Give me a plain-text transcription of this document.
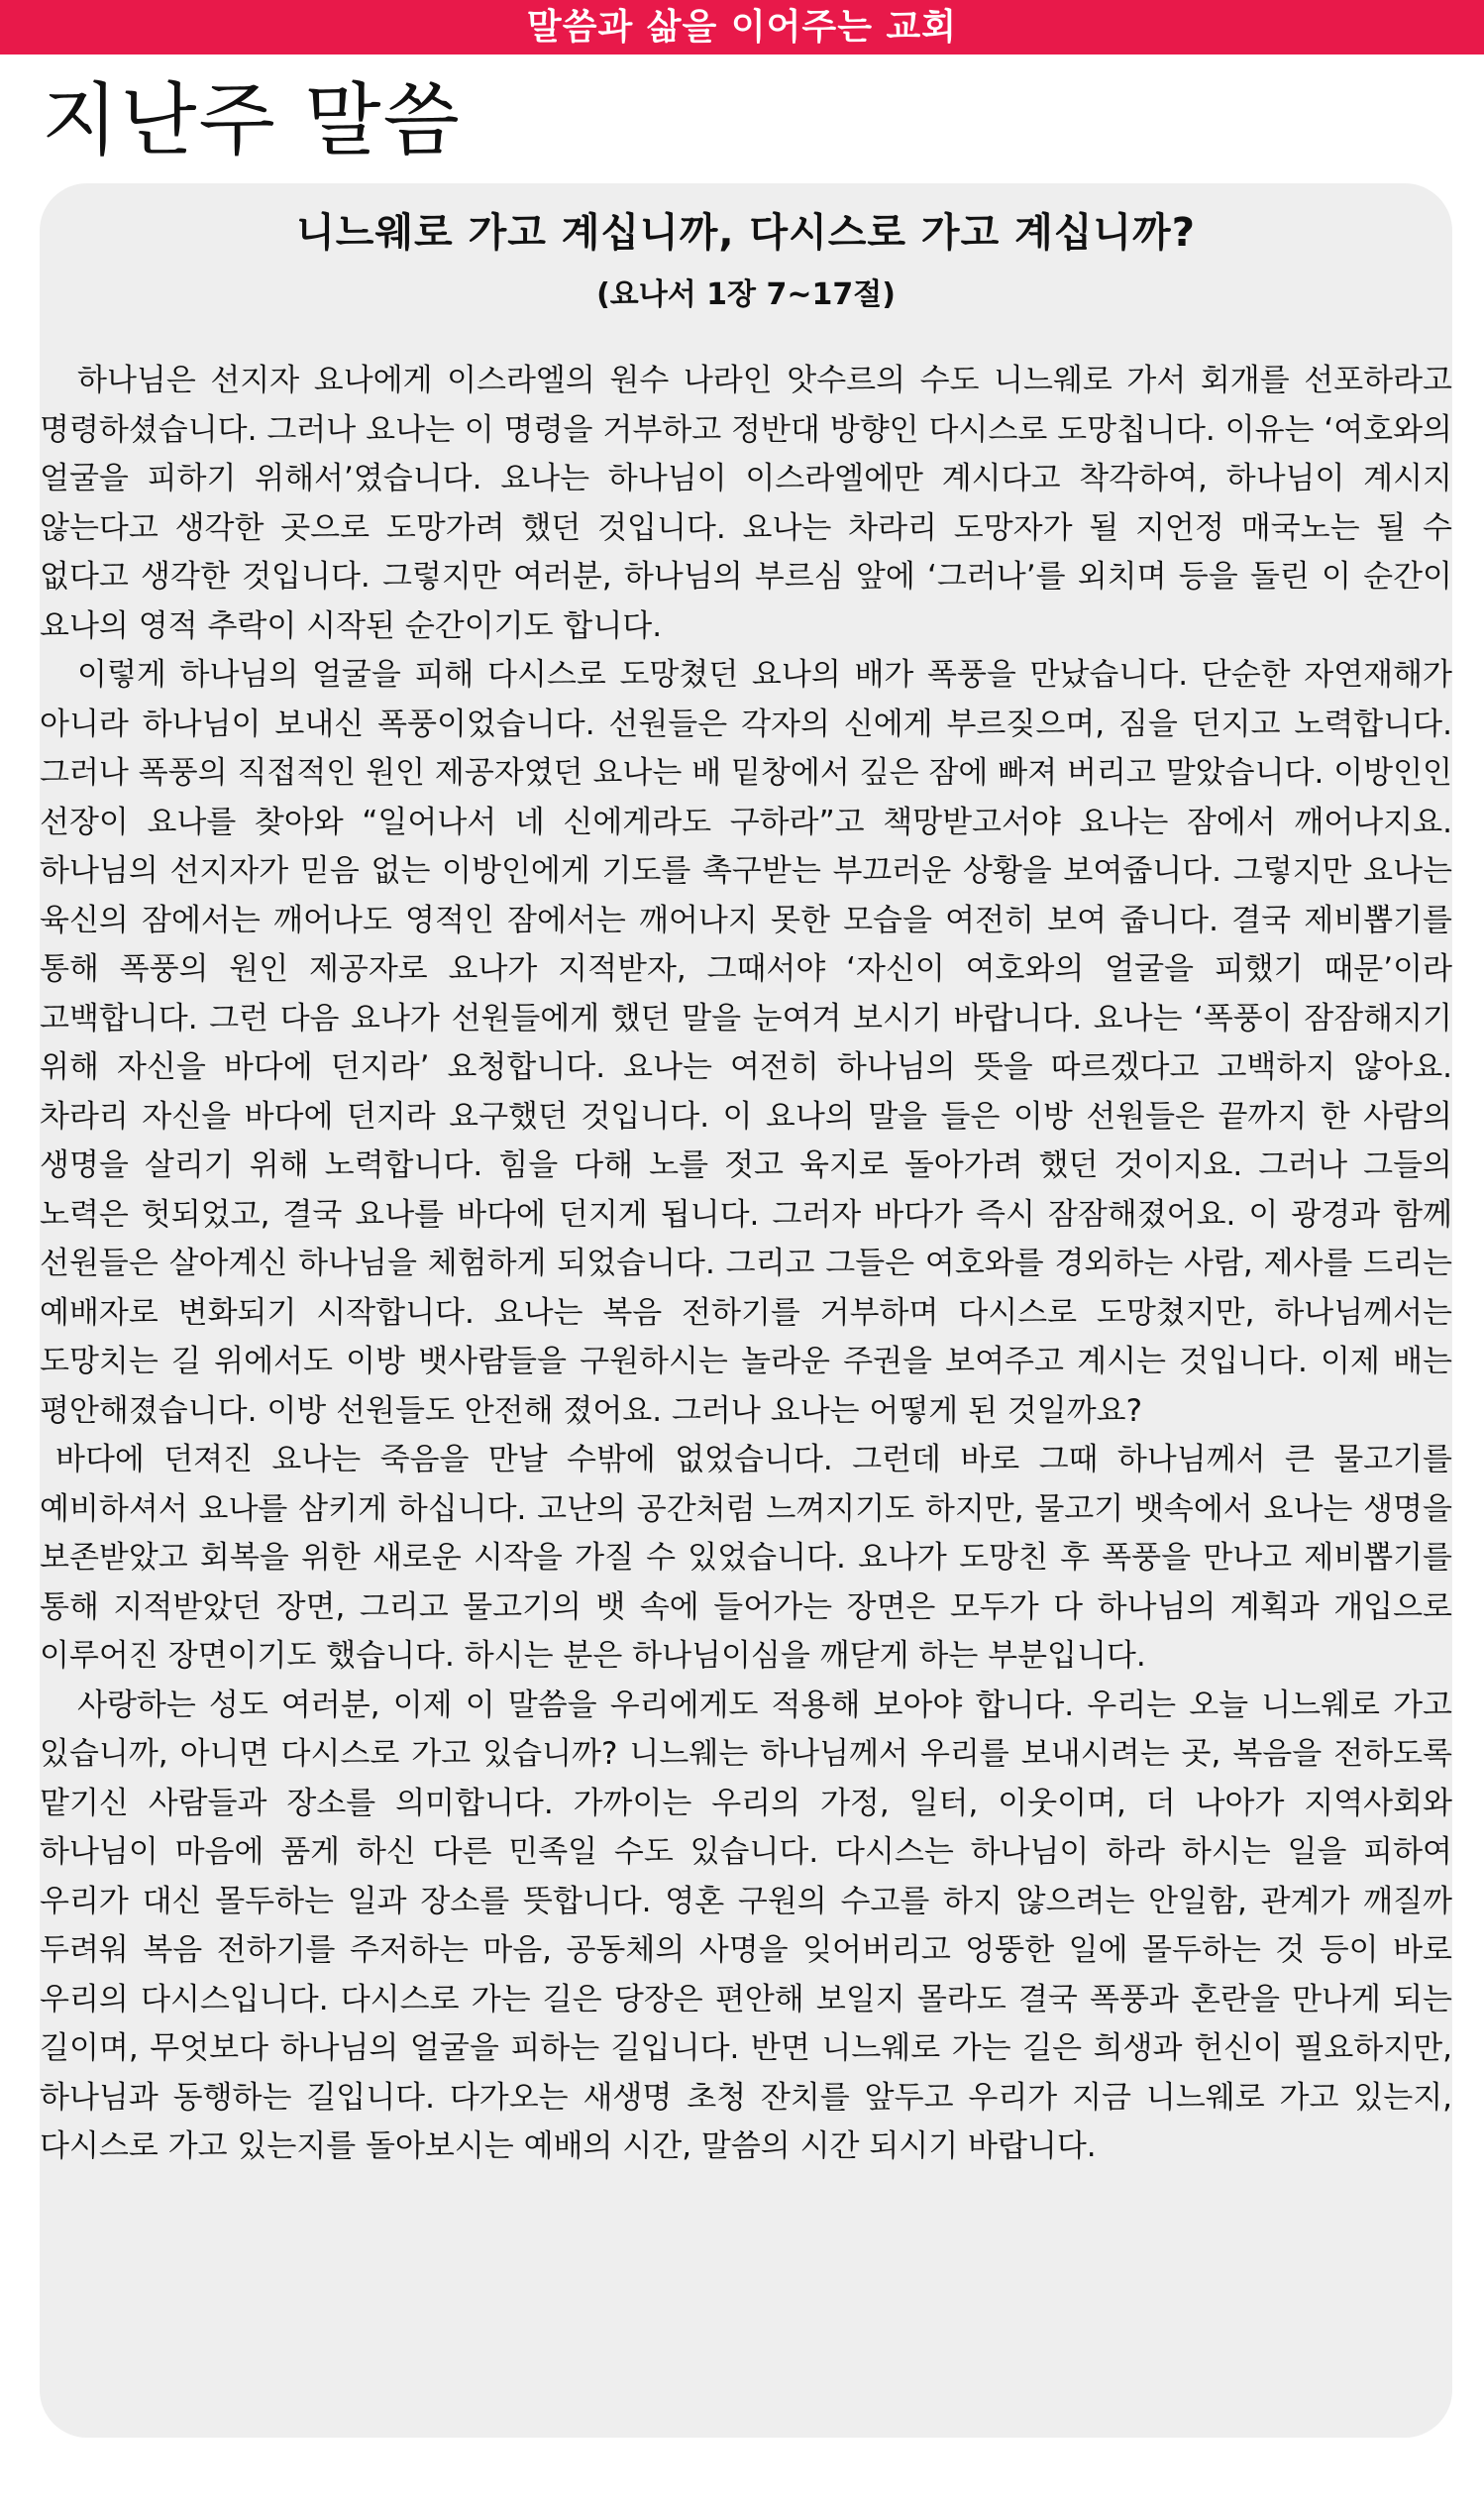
말씀과 삶을 이어주는 교회
지난주 말씀
니느웨로 가고 계십니까, 다시스로 가고 계십니까?
(요나서 1장 7~17절)

하나님은 선지자 요나에게 이스라엘의 원수 나라인 앗수르의 수도 니느웨로 가서 회개를 선포하라고 명령하셨습니다. 그러나 요나는 이 명령을 거부하고 정반대 방향인 다시스로 도망칩니다. 이유는 ‘여호와의 얼굴을 피하기 위해서’였습니다. 요나는 하나님이 이스라엘에만 계시다고 착각하여, 하나님이 계시지 않는다고 생각한 곳으로 도망가려 했던 것입니다. 요나는 차라리 도망자가 될 지언정 매국노는 될 수 없다고 생각한 것입니다. 그렇지만 여러분, 하나님의 부르심 앞에 ‘그러나’를 외치며 등을 돌린 이 순간이 요나의 영적 추락이 시작된 순간이기도 합니다.

이렇게 하나님의 얼굴을 피해 다시스로 도망쳤던 요나의 배가 폭풍을 만났습니다. 단순한 자연재해가 아니라 하나님이 보내신 폭풍이었습니다. 선원들은 각자의 신에게 부르짖으며, 짐을 던지고 노력합니다. 그러나 폭풍의 직접적인 원인 제공자였던 요나는 배 밑창에서 깊은 잠에 빠져 버리고 말았습니다. 이방인인 선장이 요나를 찾아와 “일어나서 네 신에게라도 구하라”고 책망받고서야 요나는 잠에서 깨어나지요. 하나님의 선지자가 믿음 없는 이방인에게 기도를 촉구받는 부끄러운 상황을 보여줍니다. 그렇지만 요나는 육신의 잠에서는 깨어나도 영적인 잠에서는 깨어나지 못한 모습을 여전히 보여 줍니다. 결국 제비뽑기를 통해 폭풍의 원인 제공자로 요나가 지적받자, 그때서야 ‘자신이 여호와의 얼굴을 피했기 때문’이라 고백합니다. 그런 다음 요나가 선원들에게 했던 말을 눈여겨 보시기 바랍니다. 요나는 ‘폭풍이 잠잠해지기 위해 자신을 바다에 던지라’ 요청합니다. 요나는 여전히 하나님의 뜻을 따르겠다고 고백하지 않아요. 차라리 자신을 바다에 던지라 요구했던 것입니다. 이 요나의 말을 들은 이방 선원들은 끝까지 한 사람의 생명을 살리기 위해 노력합니다. 힘을 다해 노를 젓고 육지로 돌아가려 했던 것이지요. 그러나 그들의 노력은 헛되었고, 결국 요나를 바다에 던지게 됩니다. 그러자 바다가 즉시 잠잠해졌어요. 이 광경과 함께 선원들은 살아계신 하나님을 체험하게 되었습니다. 그리고 그들은 여호와를 경외하는 사람, 제사를 드리는 예배자로 변화되기 시작합니다. 요나는 복음 전하기를 거부하며 다시스로 도망쳤지만, 하나님께서는 도망치는 길 위에서도 이방 뱃사람들을 구원하시는 놀라운 주권을 보여주고 계시는 것입니다. 이제 배는 평안해졌습니다. 이방 선원들도 안전해 졌어요. 그러나 요나는 어떻게 된 것일까요?

바다에 던져진 요나는 죽음을 만날 수밖에 없었습니다. 그런데 바로 그때 하나님께서 큰 물고기를 예비하셔서 요나를 삼키게 하십니다. 고난의 공간처럼 느껴지기도 하지만, 물고기 뱃속에서 요나는 생명을 보존받았고 회복을 위한 새로운 시작을 가질 수 있었습니다. 요나가 도망친 후 폭풍을 만나고 제비뽑기를 통해 지적받았던 장면, 그리고 물고기의 뱃 속에 들어가는 장면은 모두가 다 하나님의 계획과 개입으로 이루어진 장면이기도 했습니다. 하시는 분은 하나님이심을 깨닫게 하는 부분입니다.

사랑하는 성도 여러분, 이제 이 말씀을 우리에게도 적용해 보아야 합니다. 우리는 오늘 니느웨로 가고 있습니까, 아니면 다시스로 가고 있습니까? 니느웨는 하나님께서 우리를 보내시려는 곳, 복음을 전하도록 맡기신 사람들과 장소를 의미합니다. 가까이는 우리의 가정, 일터, 이웃이며, 더 나아가 지역사회와 하나님이 마음에 품게 하신 다른 민족일 수도 있습니다. 다시스는 하나님이 하라 하시는 일을 피하여 우리가 대신 몰두하는 일과 장소를 뜻합니다. 영혼 구원의 수고를 하지 않으려는 안일함, 관계가 깨질까 두려워 복음 전하기를 주저하는 마음, 공동체의 사명을 잊어버리고 엉뚱한 일에 몰두하는 것 등이 바로 우리의 다시스입니다. 다시스로 가는 길은 당장은 편안해 보일지 몰라도 결국 폭풍과 혼란을 만나게 되는 길이며, 무엇보다 하나님의 얼굴을 피하는 길입니다. 반면 니느웨로 가는 길은 희생과 헌신이 필요하지만, 하나님과 동행하는 길입니다. 다가오는 새생명 초청 잔치를 앞두고 우리가 지금 니느웨로 가고 있는지, 다시스로 가고 있는지를 돌아보시는 예배의 시간, 말씀의 시간 되시기 바랍니다.
